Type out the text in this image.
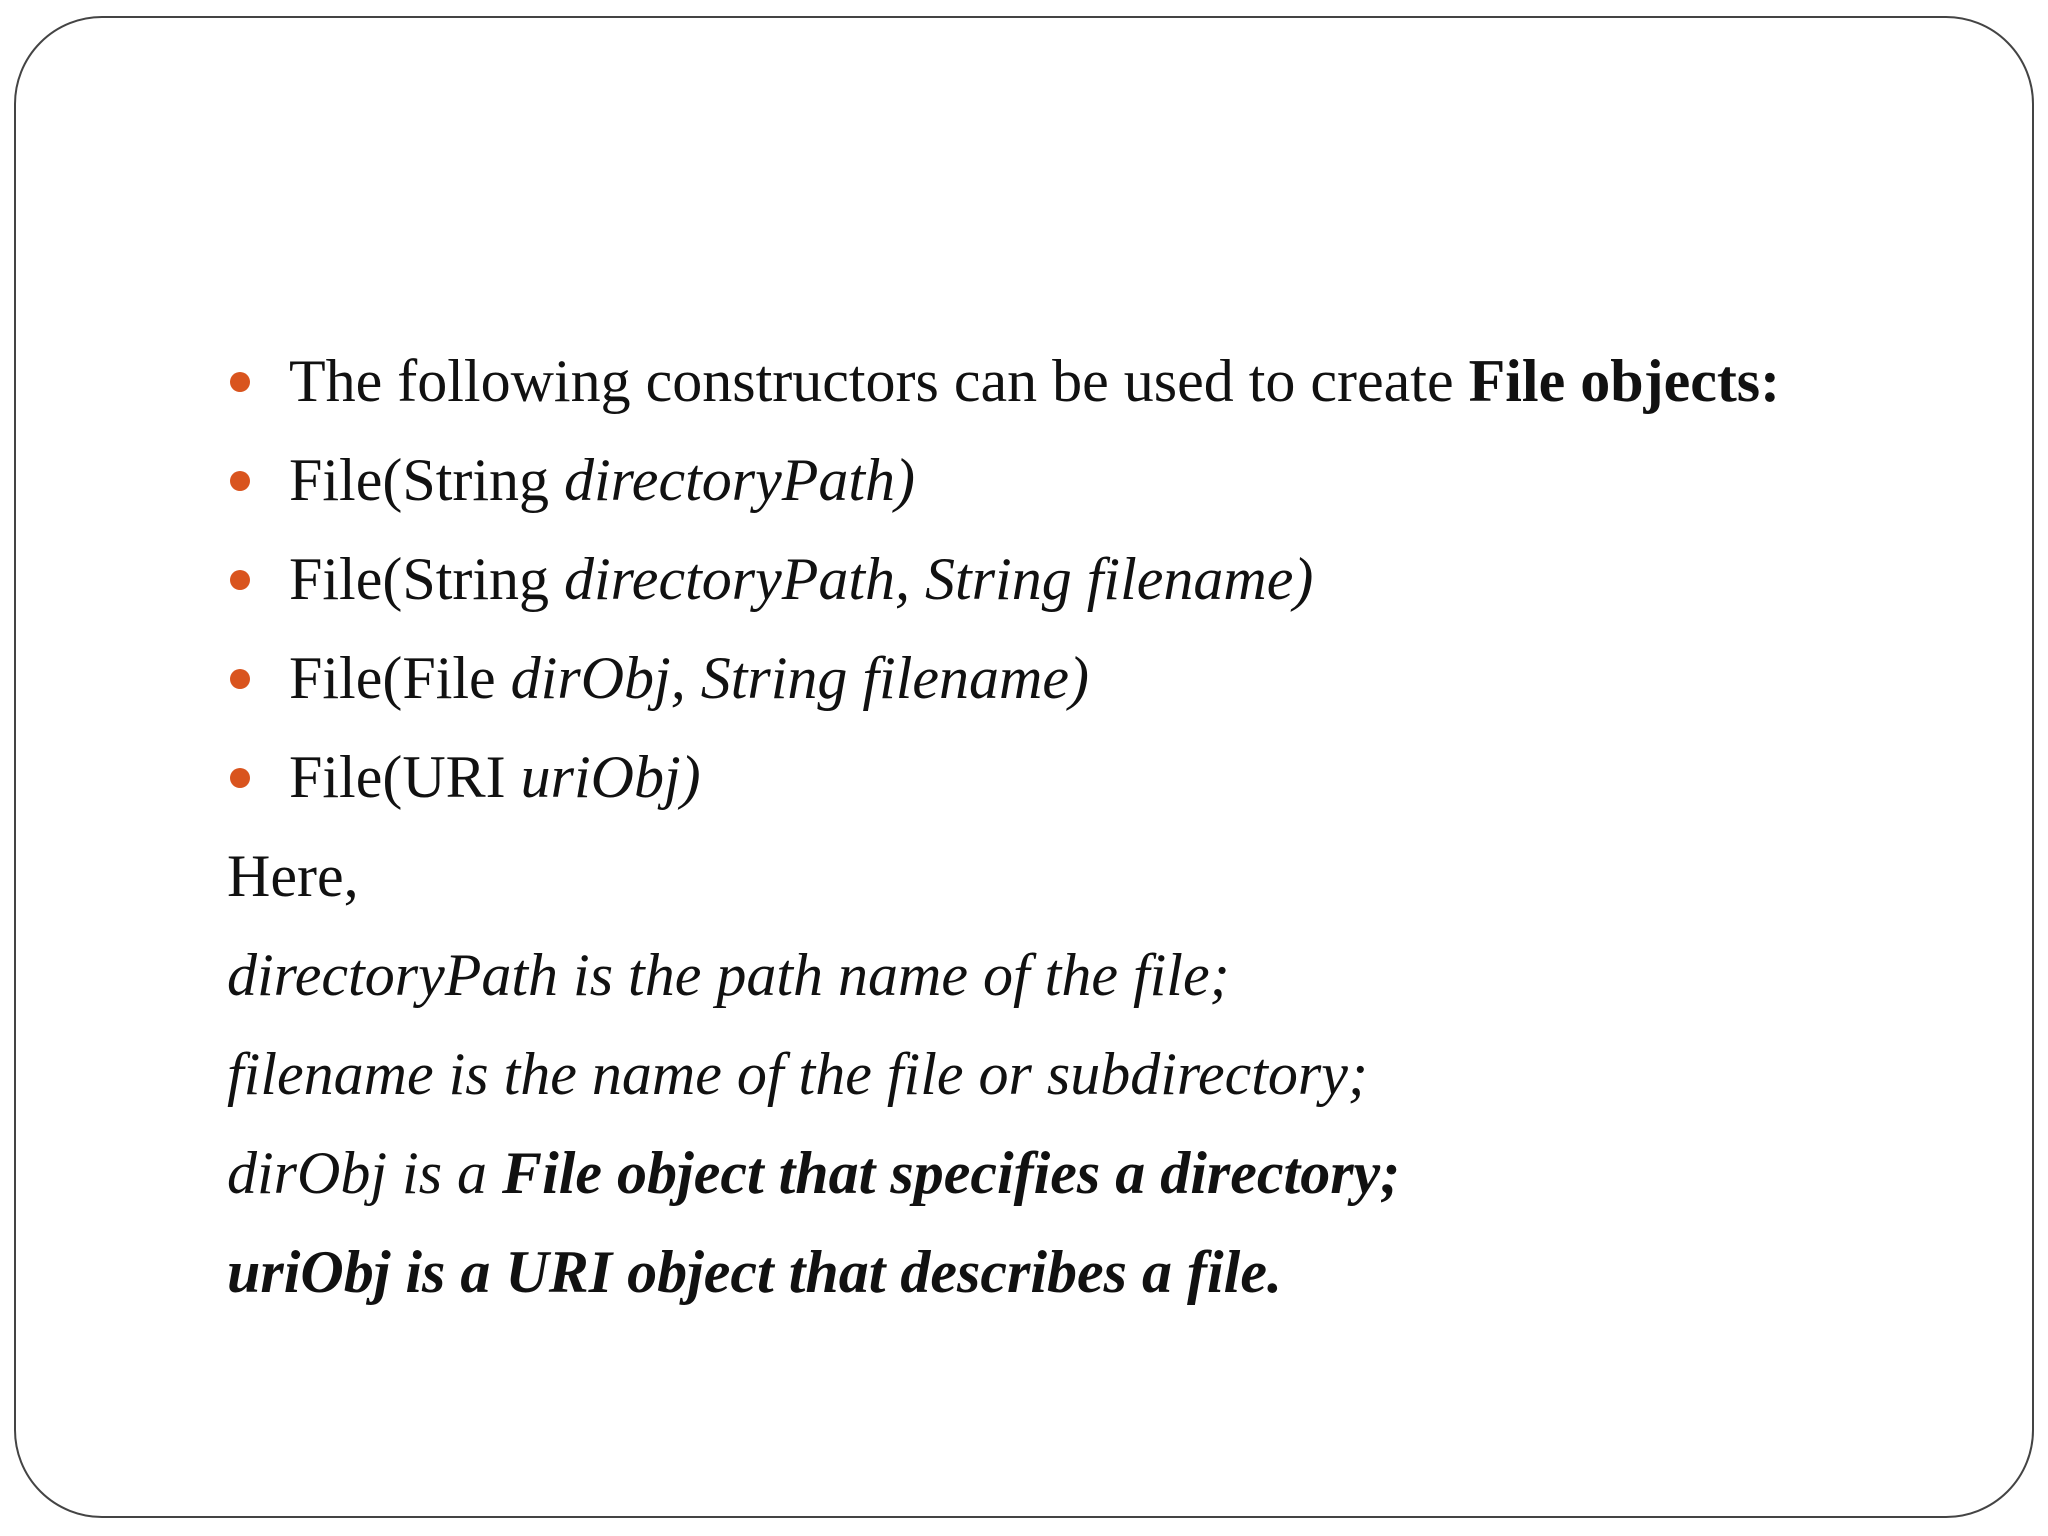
The following constructors can be used to create File objects:
File(String directoryPath)
File(String directoryPath, String filename)
File(File dirObj, String filename)
File(URI uriObj)
Here,
directoryPath is the path name of the file;
filename is the name of the file or subdirectory;
dirObj is a File object that specifies a directory;
uriObj is a URI object that describes a file.
